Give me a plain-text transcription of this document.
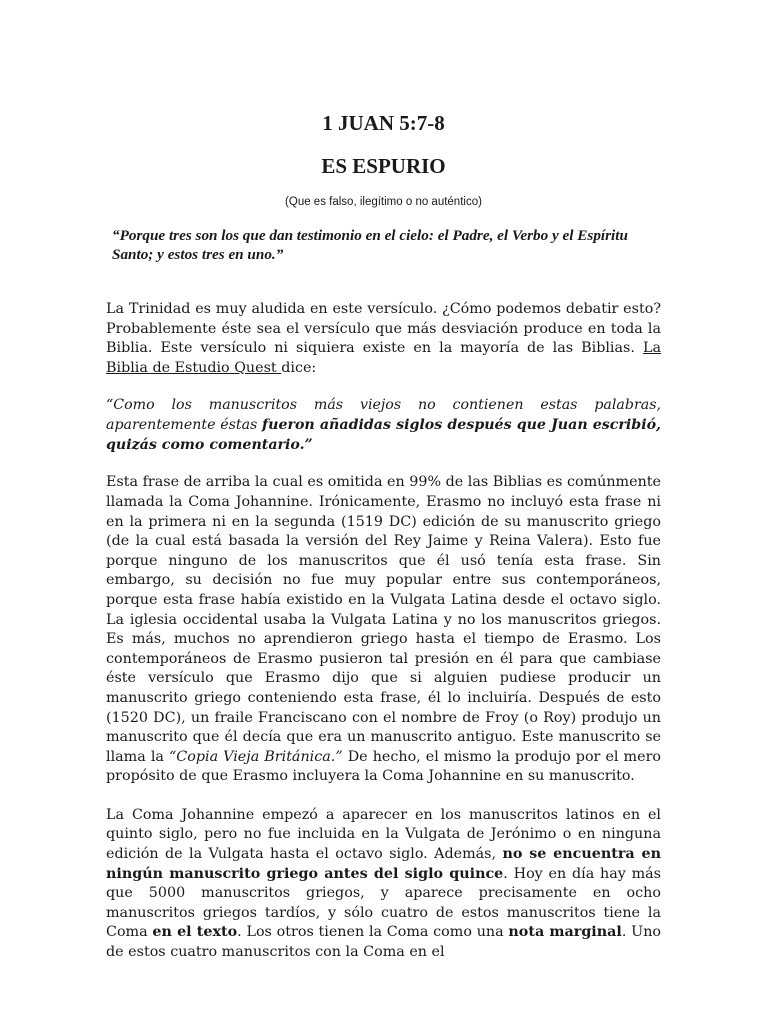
1 JUAN 5:7-8
ES ESPURIO
(Que es falso, ilegítimo o no auténtico)
“Porque tres son los que dan testimonio en el cielo: el Padre, el Verbo y el Espíritu Santo; y estos tres en uno.”

La Trinidad es muy aludida en este versículo. ¿Cómo podemos debatir esto? Probablemente éste sea el versículo que más desviación produce en toda la Biblia. Este versículo ni siquiera existe en la mayoría de las Biblias. La Biblia de Estudio Quest dice:

“Como los manuscritos más viejos no contienen estas palabras, aparentemente éstas fueron añadidas siglos después que Juan escribió, quizás como comentario.”

Esta frase de arriba la cual es omitida en 99% de las Biblias es comúnmente llamada la Coma Johannine. Irónicamente, Erasmo no incluyó esta frase ni en la primera ni en la segunda (1519 DC) edición de su manuscrito griego (de la cual está basada la versión del Rey Jaime y Reina Valera). Esto fue porque ninguno de los manuscritos que él usó tenía esta frase. Sin embargo, su decisión no fue muy popular entre sus contemporáneos, porque esta frase había existido en la Vulgata Latina desde el octavo siglo. La iglesia occidental usaba la Vulgata Latina y no los manuscritos griegos. Es más, muchos no aprendieron griego hasta el tiempo de Erasmo. Los contemporáneos de Erasmo pusieron tal presión en él para que cambiase éste versículo que Erasmo dijo que si alguien pudiese producir un manuscrito griego conteniendo esta frase, él lo incluiría. Después de esto (1520 DC), un fraile Franciscano con el nombre de Froy (o Roy) produjo un manuscrito que él decía que era un manuscrito antiguo. Este manuscrito se llama la “Copia Vieja Británica.” De hecho, el mismo la produjo por el mero propósito de que Erasmo incluyera la Coma Johannine en su manuscrito.

La Coma Johannine empezó a aparecer en los manuscritos latinos en el quinto siglo, pero no fue incluida en la Vulgata de Jerónimo o en ninguna edición de la Vulgata hasta el octavo siglo. Además, no se encuentra en ningún manuscrito griego antes del siglo quince. Hoy en día hay más que 5000 manuscritos griegos, y aparece precisamente en ocho manuscritos griegos tardíos, y sólo cuatro de estos manuscritos tiene la Coma en el texto. Los otros tienen la Coma como una nota marginal. Uno de estos cuatro manuscritos con la Coma en el
